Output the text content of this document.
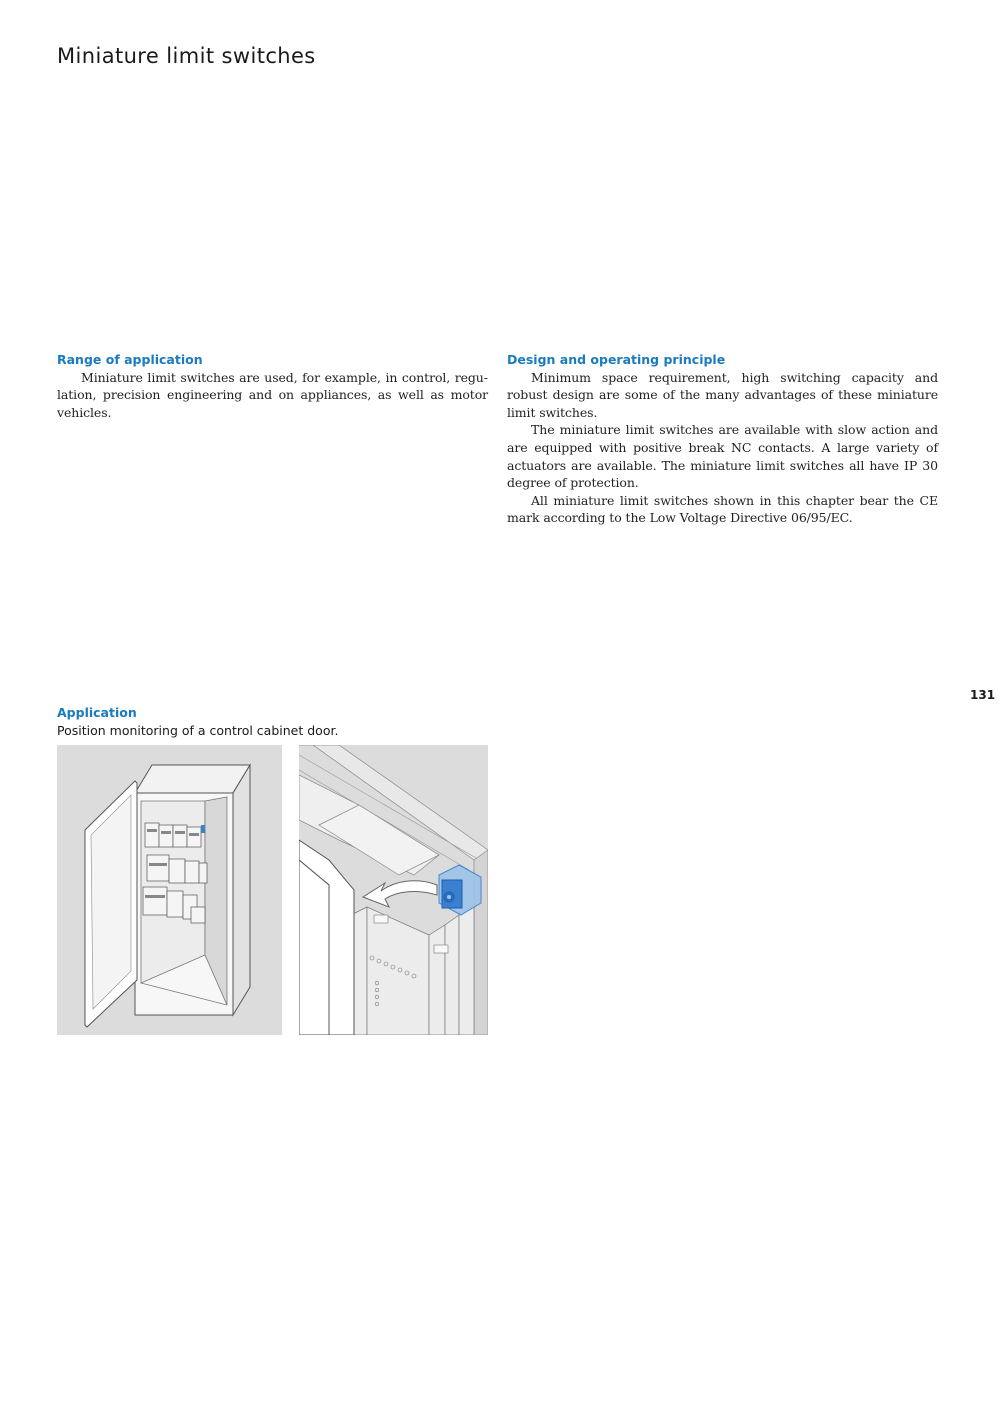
Miniature limit switches
Range of application

Miniature limit switches are used, for example, in control, regulation, precision engineering and on appliances, as well as motor vehicles.

Design and operating principle

Minimum space requirement, high switching capacity and robust design are some of the many advantages of these miniature limit switches.

The miniature limit switches are available with slow action and are equipped with positive break NC contacts. A large variety of actuators are available. The miniature limit switches all have IP 30 degree of protection.

All miniature limit switches shown in this chapter bear the CE mark according to the Low Voltage Directive 06/95/EC.

131
Application
Position monitoring of a control cabinet door.
